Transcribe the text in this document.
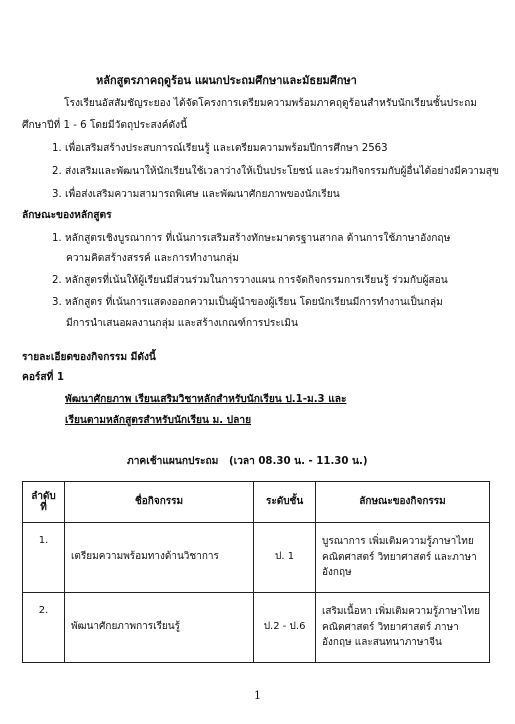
หลักสูตรภาคฤดูร้อน แผนกประถมศึกษาและมัธยมศึกษา
โรงเรียนอัสสัมชัญระยอง ได้จัดโครงการเตรียมความพร้อมภาคฤดูร้อนสำหรับนักเรียนชั้นประถม
ศึกษาปีที่ 1 - 6 โดยมีวัตถุประสงค์ดังนี้
1. เพื่อเสริมสร้างประสบการณ์เรียนรู้ และเตรียมความพร้อมปีการศึกษา 2563
2. ส่งเสริมและพัฒนาให้นักเรียนใช้เวลาว่างให้เป็นประโยชน์ และร่วมกิจกรรมกับผู้อื่นได้อย่างมีความสุข
3. เพื่อส่งเสริมความสามารถพิเศษ และพัฒนาศักยภาพของนักเรียน
ลักษณะของหลักสูตร
1. หลักสูตรเชิงบูรณาการ ที่เน้นการเสริมสร้างทักษะมาตรฐานสากล ด้านการใช้ภาษาอังกฤษ
ความคิดสร้างสรรค์ และการทำงานกลุ่ม
2. หลักสูตรที่เน้นให้ผู้เรียนมีส่วนร่วมในการวางแผน การจัดกิจกรรมการเรียนรู้ ร่วมกับผู้สอน
3. หลักสูตร ที่เน้นการแสดงออกความเป็นผู้นำของผู้เรียน โดยนักเรียนมีการทำงานเป็นกลุ่ม
มีการนำเสนอผลงานกลุ่ม และสร้างเกณฑ์การประเมิน
รายละเอียดของกิจกรรม มีดังนี้
คอร์สที่ 1
พัฒนาศักยภาพ เรียนเสริมวิชาหลักสำหรับนักเรียน ป.1-ม.3 และ
เรียนตามหลักสูตรสำหรับนักเรียน ม. ปลาย
ภาคเช้าแผนกประถม   (เวลา 08.30 น. - 11.30 น.)
ลำดับ
ที่	ชื่อกิจกรรม	ระดับชั้น	ลักษณะของกิจกรรม
1.	เตรียมความพร้อมทางด้านวิชาการ	ป. 1	บูรณาการ เพิ่มเติมความรู้ภาษาไทย
คณิตศาสตร์ วิทยาศาสตร์ และภาษา
อังกฤษ

2.	พัฒนาศักยภาพการเรียนรู้	ป.2 - ป.6	เสริมเนื้อหา เพิ่มเติมความรู้ภาษาไทย
คณิตศาสตร์ วิทยาศาสตร์ ภาษา
อังกฤษ และสนทนาภาษาจีน
1
